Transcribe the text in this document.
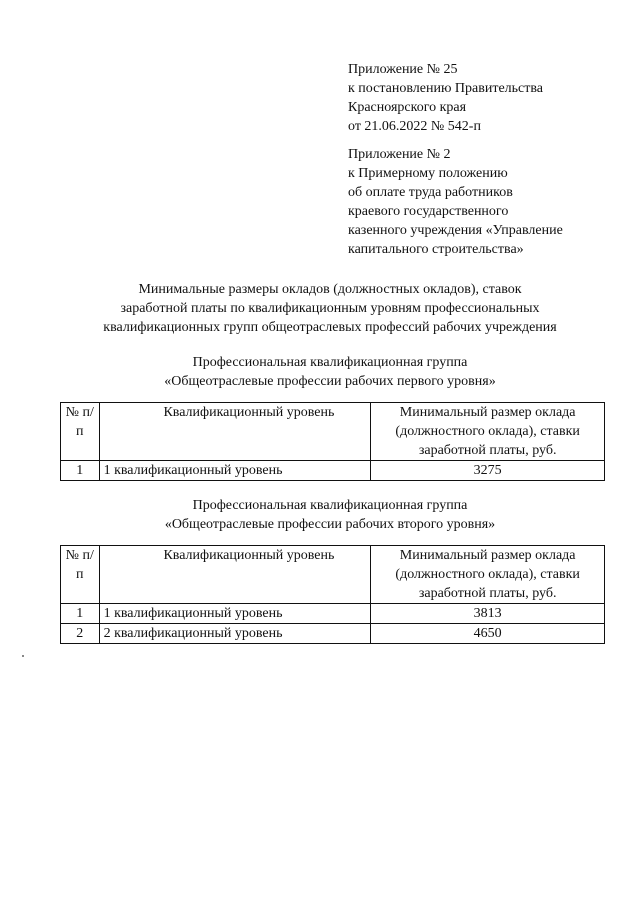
Приложение № 25
к постановлению Правительства
Красноярского края
от 21.06.2022 № 542-п
Приложение № 2
к Примерному положению
об оплате труда работников
краевого государственного
казенного учреждения «Управление
капитального строительства»
Минимальные размеры окладов (должностных окладов), ставок
заработной платы по квалификационным уровням профессиональных
квалификационных групп общеотраслевых профессий рабочих учреждения
Профессиональная квалификационная группа
«Общеотраслевые профессии рабочих первого уровня»
№ п/п	Квалификационный уровень	Минимальный размер оклада (должностного оклада), ставки заработной платы, руб.
1	1 квалификационный уровень	3275
Профессиональная квалификационная группа
«Общеотраслевые профессии рабочих второго уровня»
№ п/п	Квалификационный уровень	Минимальный размер оклада (должностного оклада), ставки заработной платы, руб.
1	1 квалификационный уровень	3813
2	2 квалификационный уровень	4650
